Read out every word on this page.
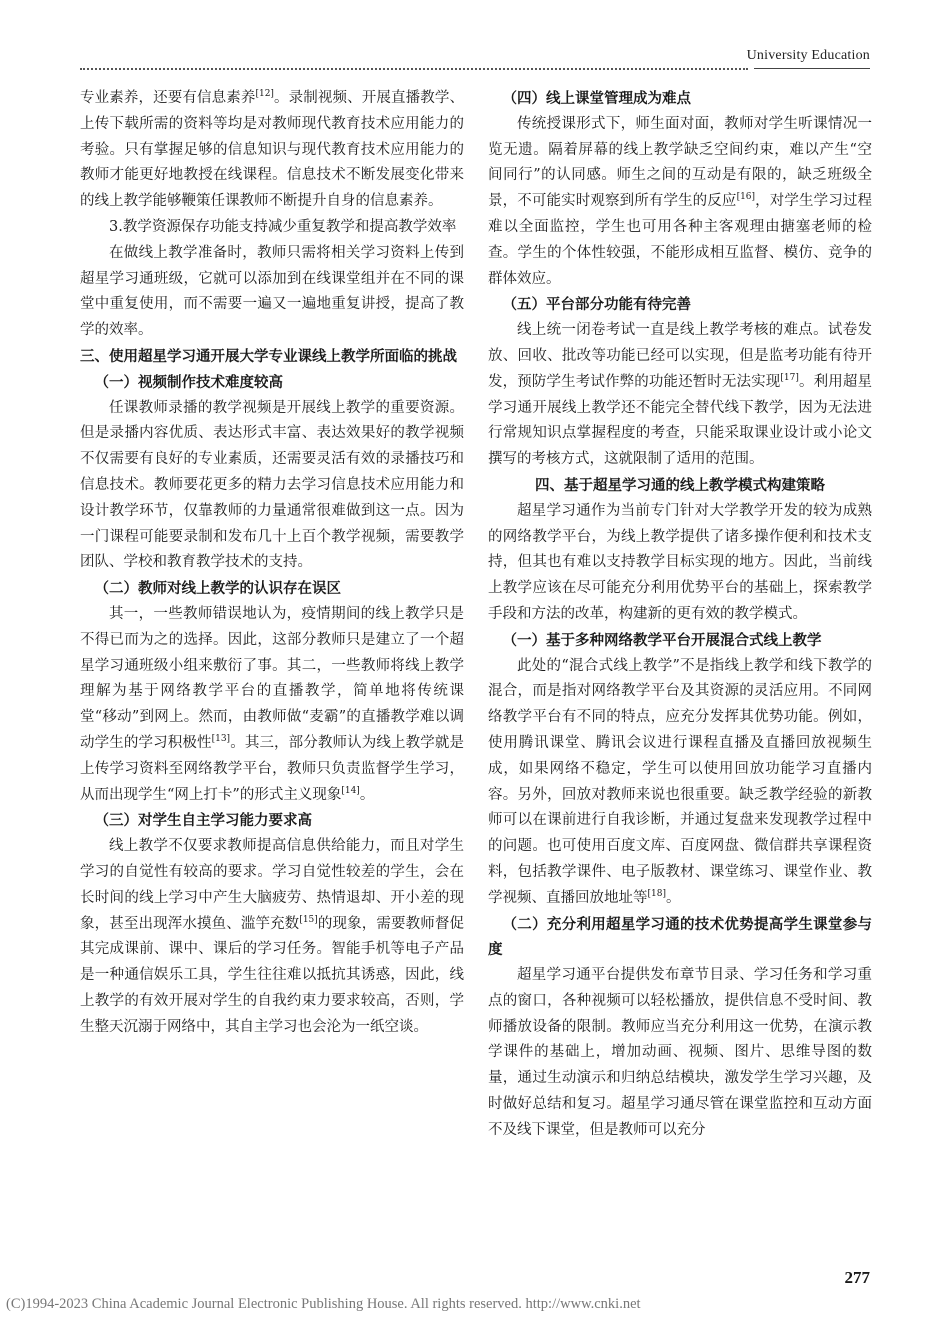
University Education

专业素养，还要有信息素养[12]。录制视频、开展直播教学、上传下载所需的资料等均是对教师现代教育技术应用能力的考验。只有掌握足够的信息知识与现代教育技术应用能力的教师才能更好地教授在线课程。信息技术不断发展变化带来的线上教学能够鞭策任课教师不断提升自身的信息素养。

3.教学资源保存功能支持减少重复教学和提高教学效率

在做线上教学准备时，教师只需将相关学习资料上传到超星学习通班级，它就可以添加到在线课堂组并在不同的课堂中重复使用，而不需要一遍又一遍地重复讲授，提高了教学的效率。

三、使用超星学习通开展大学专业课线上教学所面临的挑战
（一）视频制作技术难度较高

任课教师录播的教学视频是开展线上教学的重要资源。但是录播内容优质、表达形式丰富、表达效果好的教学视频不仅需要有良好的专业素质，还需要灵活有效的录播技巧和信息技术。教师要花更多的精力去学习信息技术应用能力和设计教学环节，仅靠教师的力量通常很难做到这一点。因为一门课程可能要录制和发布几十上百个教学视频，需要教学团队、学校和教育教学技术的支持。

（二）教师对线上教学的认识存在误区

其一，一些教师错误地认为，疫情期间的线上教学只是不得已而为之的选择。因此，这部分教师只是建立了一个超星学习通班级小组来敷衍了事。其二，一些教师将线上教学理解为基于网络教学平台的直播教学，简单地将传统课堂“移动”到网上。然而，由教师做“麦霸”的直播教学难以调动学生的学习积极性[13]。其三，部分教师认为线上教学就是上传学习资料至网络教学平台，教师只负责监督学生学习，从而出现学生“网上打卡”的形式主义现象[14]。

（三）对学生自主学习能力要求高

线上教学不仅要求教师提高信息供给能力，而且对学生学习的自觉性有较高的要求。学习自觉性较差的学生，会在长时间的线上学习中产生大脑疲劳、热情退却、开小差的现象，甚至出现浑水摸鱼、滥竽充数[15]的现象，需要教师督促其完成课前、课中、课后的学习任务。智能手机等电子产品是一种通信娱乐工具，学生往往难以抵抗其诱惑，因此，线上教学的有效开展对学生的自我约束力要求较高，否则，学生整天沉溺于网络中，其自主学习也会沦为一纸空谈。

（四）线上课堂管理成为难点

传统授课形式下，师生面对面，教师对学生听课情况一览无遗。隔着屏幕的线上教学缺乏空间约束，难以产生“空间同行”的认同感。师生之间的互动是有限的，缺乏班级全景，不可能实时观察到所有学生的反应[16]，对学生学习过程难以全面监控，学生也可用各种主客观理由搪塞老师的检查。学生的个体性较强，不能形成相互监督、模仿、竞争的群体效应。

（五）平台部分功能有待完善

线上统一闭卷考试一直是线上教学考核的难点。试卷发放、回收、批改等功能已经可以实现，但是监考功能有待开发，预防学生考试作弊的功能还暂时无法实现[17]。利用超星学习通开展线上教学还不能完全替代线下教学，因为无法进行常规知识点掌握程度的考查，只能采取课业设计或小论文撰写的考核方式，这就限制了适用的范围。

四、基于超星学习通的线上教学模式构建策略

超星学习通作为当前专门针对大学教学开发的较为成熟的网络教学平台，为线上教学提供了诸多操作便利和技术支持，但其也有难以支持教学目标实现的地方。因此，当前线上教学应该在尽可能充分利用优势平台的基础上，探索教学手段和方法的改革，构建新的更有效的教学模式。

（一）基于多种网络教学平台开展混合式线上教学

此处的“混合式线上教学”不是指线上教学和线下教学的混合，而是指对网络教学平台及其资源的灵活应用。不同网络教学平台有不同的特点，应充分发挥其优势功能。例如，使用腾讯课堂、腾讯会议进行课程直播及直播回放视频生成，如果网络不稳定，学生可以使用回放功能学习直播内容。另外，回放对教师来说也很重要。缺乏教学经验的新教师可以在课前进行自我诊断，并通过复盘来发现教学过程中的问题。也可使用百度文库、百度网盘、微信群共享课程资料，包括教学课件、电子版教材、课堂练习、课堂作业、教学视频、直播回放地址等[18]。

（二）充分利用超星学习通的技术优势提高学生课堂参与度

超星学习通平台提供发布章节目录、学习任务和学习重点的窗口，各种视频可以轻松播放，提供信息不受时间、教师播放设备的限制。教师应当充分利用这一优势，在演示教学课件的基础上，增加动画、视频、图片、思维导图的数量，通过生动演示和归纳总结模块，激发学生学习兴趣，及时做好总结和复习。超星学习通尽管在课堂监控和互动方面不及线下课堂，但是教师可以充分

277
(C)1994-2023 China Academic Journal Electronic Publishing House. All rights reserved. http://www.cnki.net
